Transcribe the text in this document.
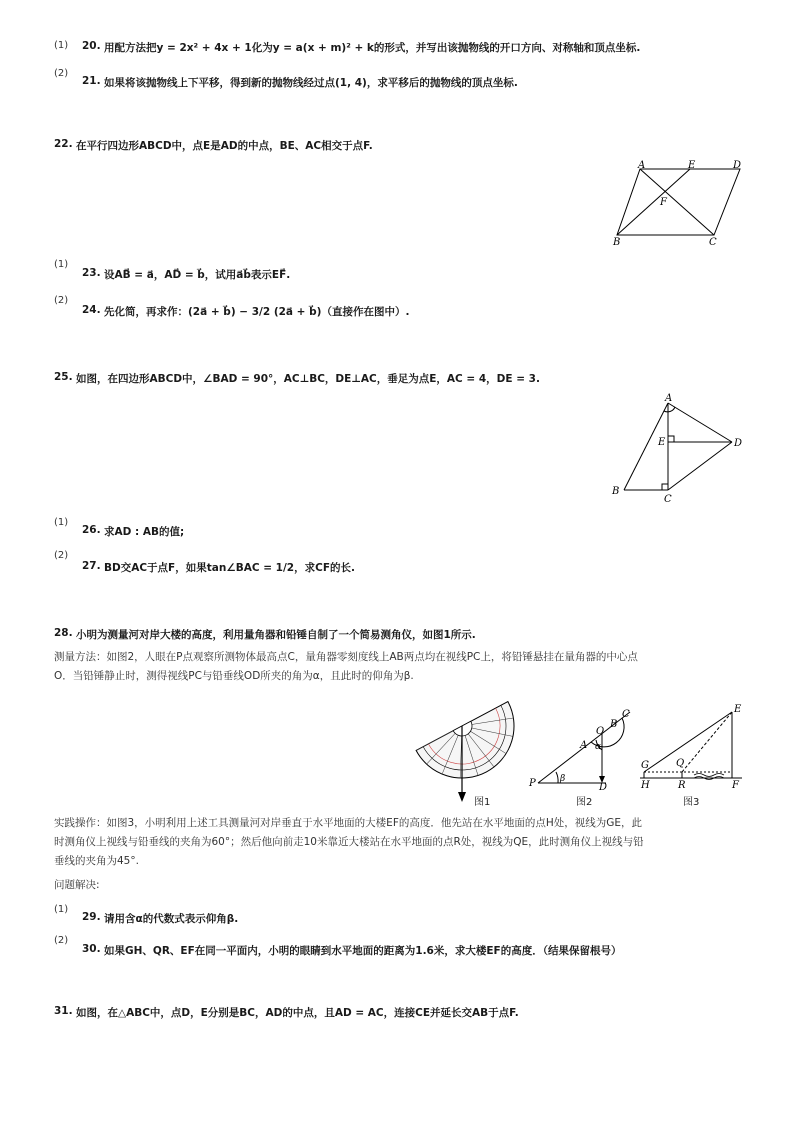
(1) 20. 用配方法把y = 2x² + 4x + 1化为y = a(x + m)² + k的形式，并写出该抛物线的开口方向、对称轴和顶点坐标.
(2)
21. 如果将该抛物线上下平移，得到新的抛物线经过点(1, 4)，求平移后的抛物线的顶点坐标.
22. 在平行四边形ABCD中，点E是AD的中点，BE、AC相交于点F.
A	E	D
F
B	C
(1)
23. 设AB⃗ = a⃗，AD⃗ = b⃗，试用a⃗b⃗表示EF⃗.
(2)
24. 先化简，再求作：(2a⃗ + b⃗) − 3/2 (2a⃗ + b⃗)（直接作在图中）.
25. 如图，在四边形ABCD中，∠BAD = 90°，AC⊥BC，DE⊥AC，垂足为点E，AC = 4，DE = 3.
A
E	D
B
C
(1)
26. 求AD : AB的值;
(2)
27. BD交AC于点F，如果tan∠BAC = 1/2，求CF的长.
28. 小明为测量河对岸大楼的高度，利用量角器和铅锤自制了一个简易测角仪，如图1所示.
测量方法：如图2，人眼在P点观察所测物体最高点C，量角器零刻度线上AB两点均在视线PC上，将铅锤悬挂在量角器的中心点
O．当铅锤静止时，测得视线PC与铅垂线OD所夹的角为α，且此时的仰角为β.
图1
P
A
O
B
C
D
α
β
图2
E
G	Q
H	R	F
图3
实践操作：如图3，小明利用上述工具测量河对岸垂直于水平地面的大楼EF的高度．他先站在水平地面的点H处，视线为GE，此
时测角仪上视线与铅垂线的夹角为60°；然后他向前走10米靠近大楼站在水平地面的点R处，视线为QE，此时测角仪上视线与铅
垂线的夹角为45°.
问题解决:
(1)
29. 请用含α的代数式表示仰角β.
(2)
30. 如果GH、QR、EF在同一平面内，小明的眼睛到水平地面的距离为1.6米，求大楼EF的高度．（结果保留根号）
31. 如图，在△ABC中，点D，E分别是BC，AD的中点，且AD = AC，连接CE并延长交AB于点F.
